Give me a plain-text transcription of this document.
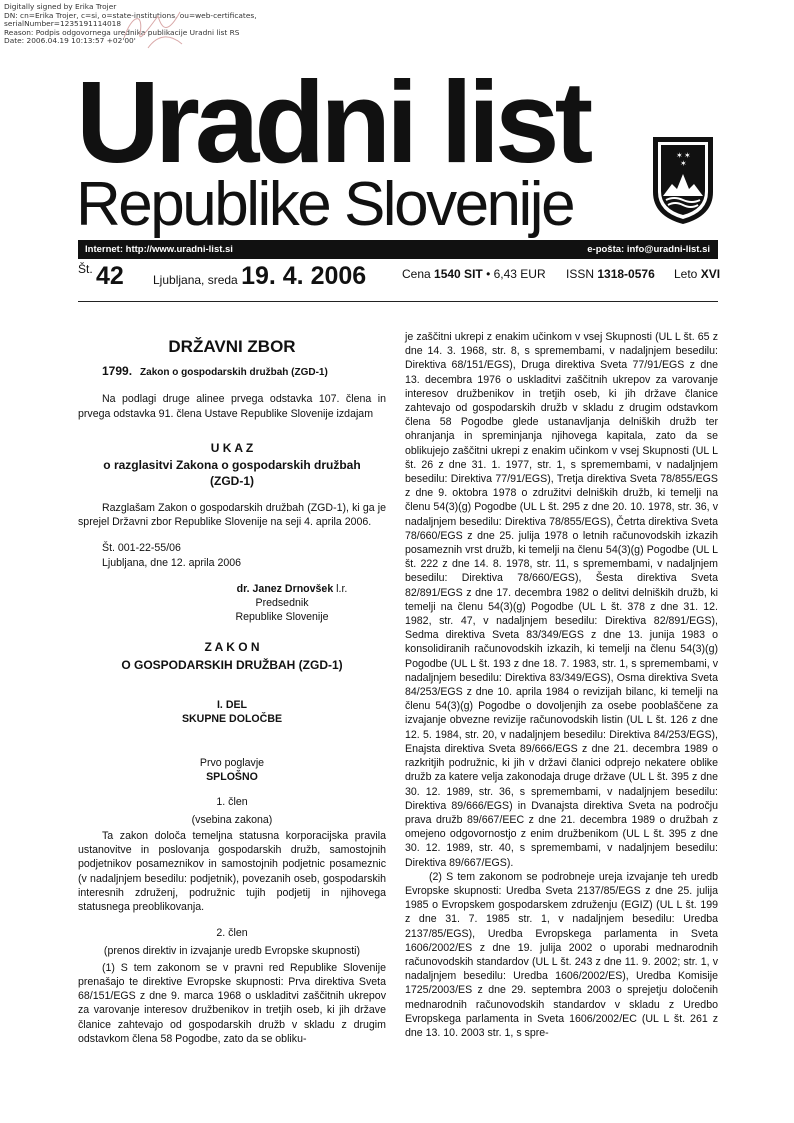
Digitally signed by Erika Trojer
DN: cn=Erika Trojer, c=si, o=state-institutions, ou=web-certificates,
serialNumber=1235191114018
Reason: Podpis odgovornega urednika publikacije Uradni list RS
Date: 2006.04.19 10:13:57 +02'00'
Uradni list
Republike Slovenije
✶ ✶
✶
Internet: http://www.uradni-list.si	e-pošta: info@uradni-list.si
Št. 42 Ljubljana, sreda 19. 4. 2006	Cena 1540 SIT • 6,43 EUR ISSN 1318-0576 Leto XVI
DRŽAVNI ZBOR

1799. Zakon o gospodarskih družbah (ZGD-1)

Na podlagi druge alinee prvega odstavka 107. člena in prvega odstavka 91. člena Ustave Republike Slovenije izdajam

U K A Z

o razglasitvi Zakona o gospodarskih družbah (ZGD-1)

Razglašam Zakon o gospodarskih družbah (ZGD-1), ki ga je sprejel Državni zbor Republike Slovenije na seji 4. aprila 2006.

Št. 001-22-55/06

Ljubljana, dne 12. aprila 2006

dr. Janez Drnovšek l.r.

Predsednik

Republike Slovenije

Z A K O N

O GOSPODARSKIH DRUŽBAH (ZGD-1)

I. DEL

SKUPNE DOLOČBE

Prvo poglavje

SPLOŠNO

1. člen

(vsebina zakona)

Ta zakon določa temeljna statusna korporacijska pravila ustanovitve in poslovanja gospodarskih družb, samostojnih podjetnikov posameznikov in samostojnih podjetnic posameznic (v nadaljnjem besedilu: podjetnik), povezanih oseb, gospodarskih interesnih združenj, podružnic tujih podjetij in njihovega statusnega preoblikovanja.

2. člen

(prenos direktiv in izvajanje uredb Evropske skupnosti)

(1) S tem zakonom se v pravni red Republike Slovenije prenašajo te direktive Evropske skupnosti: Prva direktiva Sveta 68/151/EGS z dne 9. marca 1968 o uskladitvi zaščitnih ukrepov za varovanje interesov družbenikov in tretjih oseb, ki jih države članice zahtevajo od gospodarskih družb v skladu z drugim odstavkom člena 58 Pogodbe, zato da se obliku-

je zaščitni ukrepi z enakim učinkom v vsej Skupnosti (UL L št. 65 z dne 14. 3. 1968, str. 8, s spremembami, v nadaljnjem besedilu: Direktiva 68/151/EGS), Druga direktiva Sveta 77/91/EGS z dne 13. decembra 1976 o uskladitvi zaščitnih ukrepov za varovanje interesov družbenikov in tretjih oseb, ki jih države članice zahtevajo od gospodarskih družb v skladu z drugim odstavkom člena 58 Pogodbe glede ustanavljanja delniških družb ter ohranjanja in spreminjanja njihovega kapitala, zato da se oblikujejo zaščitni ukrepi z enakim učinkom v vsej Skupnosti (UL L št. 26 z dne 31. 1. 1977, str. 1, s spremembami, v nadaljnjem besedilu: Direktiva 77/91/EGS), Tretja direktiva Sveta 78/855/EGS z dne 9. oktobra 1978 o združitvi delniških družb, ki temelji na členu 54(3)(g) Pogodbe (UL L št. 295 z dne 20. 10. 1978, str. 36, v nadaljnjem besedilu: Direktiva 78/855/EGS), Četrta direktiva Sveta 78/660/EGS z dne 25. julija 1978 o letnih računovodskih izkazih posameznih vrst družb, ki temelji na členu 54(3)(g) Pogodbe (UL L št. 222 z dne 14. 8. 1978, str. 11, s spremembami, v nadaljnjem besedilu: Direktiva 78/660/EGS), Šesta direktiva Sveta 82/891/EGS z dne 17. decembra 1982 o delitvi delniških družb, ki temelji na členu 54(3)(g) Pogodbe (UL L št. 378 z dne 31. 12. 1982, str. 47, v nadaljnjem besedilu: Direktiva 82/891/EGS), Sedma direktiva Sveta 83/349/EGS z dne 13. junija 1983 o konsolidiranih računovodskih izkazih, ki temelji na členu 54(3)(g) Pogodbe (UL L št. 193 z dne 18. 7. 1983, str. 1, s spremembami, v nadaljnjem besedilu: Direktiva 83/349/EGS), Osma direktiva Sveta 84/253/EGS z dne 10. aprila 1984 o revizijah bilanc, ki temelji na členu 54(3)(g) Pogodbe o dovoljenjih za osebe pooblaščene za izvajanje obvezne revizije računovodskih listin (UL L št. 126 z dne 12. 5. 1984, str. 20, v nadaljnjem besedilu: Direktiva 84/253/EGS), Enajsta direktiva Sveta 89/666/EGS z dne 21. decembra 1989 o razkritjih podružnic, ki jih v državi članici odprejo nekatere oblike družb za katere velja zakonodaja druge države (UL L št. 395 z dne 30. 12. 1989, str. 36, s spremembami, v nadaljnjem besedilu: Direktiva 89/666/EGS) in Dvanajsta direktiva Sveta na področju prava družb 89/667/EEC z dne 21. decembra 1989 o družbah z omejeno odgovornostjo z enim družbenikom (UL L št. 395 z dne 30. 12. 1989, str. 40, s spremembami, v nadaljnjem besedilu: Direktiva 89/667/EGS).

(2) S tem zakonom se podrobneje ureja izvajanje teh uredb Evropske skupnosti: Uredba Sveta 2137/85/EGS z dne 25. julija 1985 o Evropskem gospodarskem združenju (EGIZ) (UL L št. 199 z dne 31. 7. 1985 str. 1, v nadaljnjem besedilu: Uredba 2137/85/EGS), Uredba Evropskega parlamenta in Sveta 1606/2002/ES z dne 19. julija 2002 o uporabi mednarodnih računovodskih standardov (UL L št. 243 z dne 11. 9. 2002; str. 1, v nadaljnjem besedilu: Uredba 1606/2002/ES), Uredba Komisije 1725/2003/ES z dne 29. septembra 2003 o sprejetju določenih mednarodnih računovodskih standardov v skladu z Uredbo Evropskega parlamenta in Sveta 1606/2002/EC (UL L št. 261 z dne 13. 10. 2003 str. 1, s spre-
